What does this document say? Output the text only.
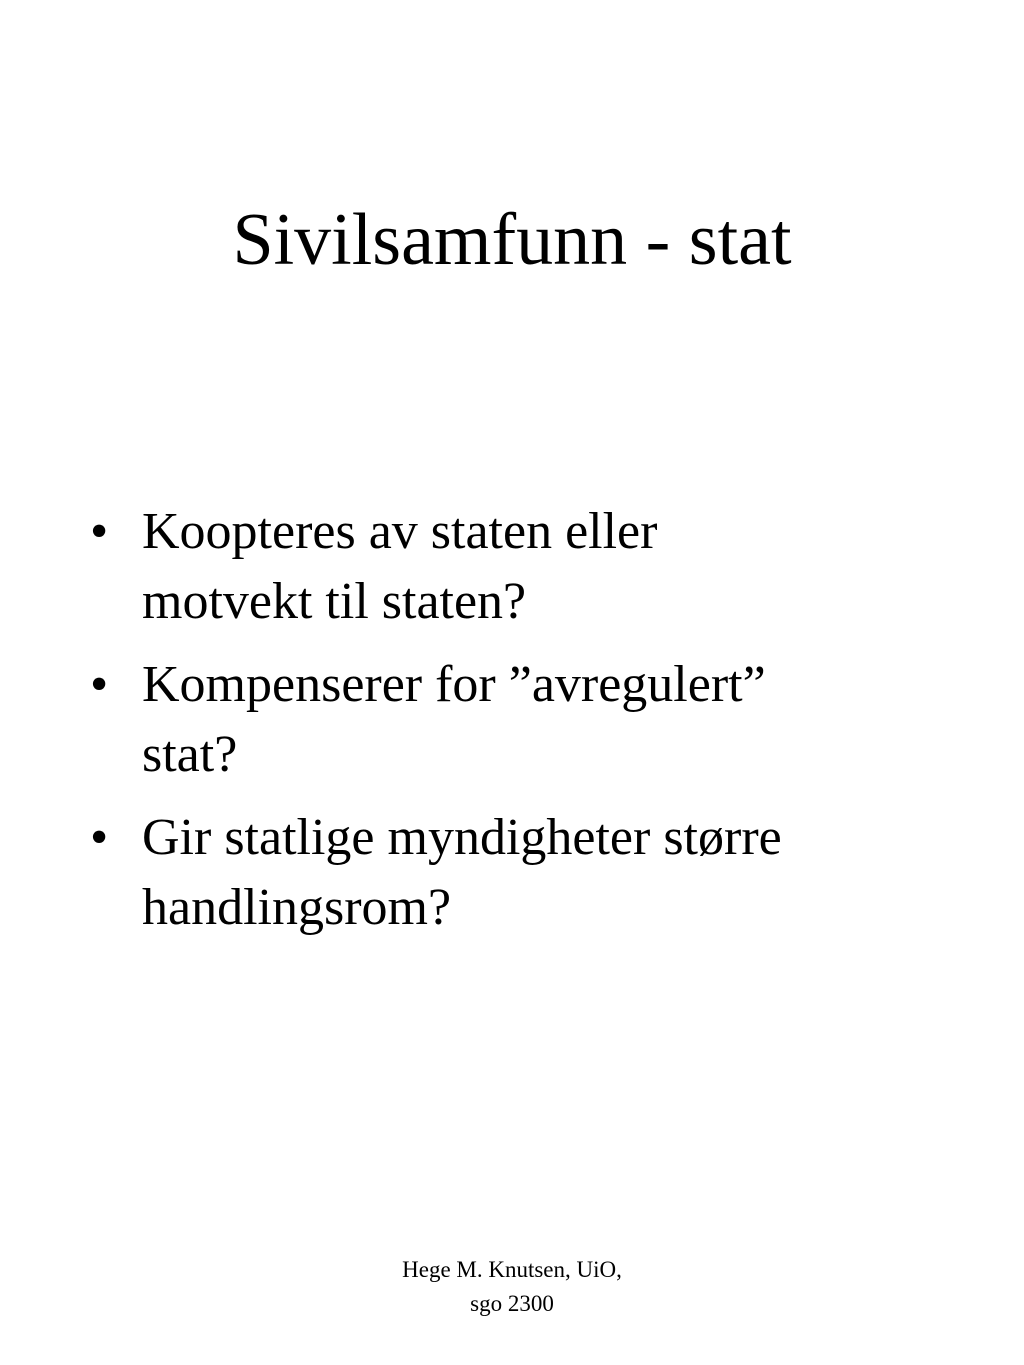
Sivilsamfunn - stat
• Koopteres av staten eller
motvekt til staten?
• Kompenserer for ”avregulert”
stat?
• Gir statlige myndigheter større
handlingsrom?
Hege M. Knutsen, UiO,
sgo 2300
